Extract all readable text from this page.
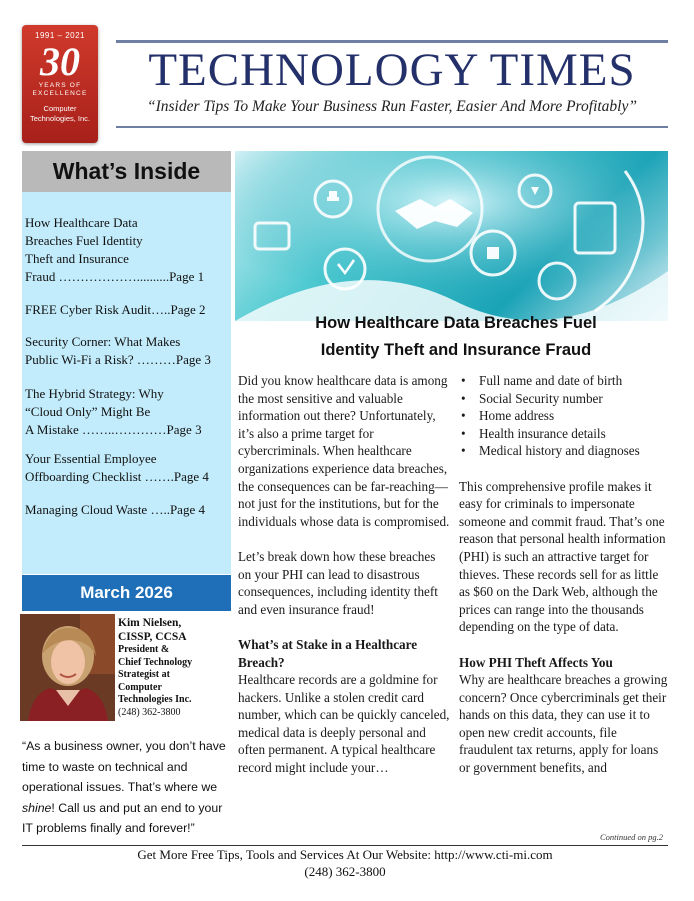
1991 – 2021
30
YEARS OF
EXCELLENCE
Computer
Technologies, Inc.
TECHNOLOGY TIMES
“Insider Tips To Make Your Business Run Faster, Easier And More Profitably”
What’s Inside
How Healthcare Data
Breaches Fuel Identity
Theft and Insurance
Fraud ………………..........Page 1
FREE Cyber Risk Audit…..Page 2
Security Corner: What Makes
Public Wi-Fi a Risk? ………Page 3
The Hybrid Strategy: Why
“Cloud Only” Might Be
A Mistake ……..…………Page 3
Your Essential Employee
Offboarding Checklist …….Page 4
Managing Cloud Waste …..Page 4
March 2026
Kim Nielsen,
CISSP, CCSA
President &
Chief Technology
Strategist at
Computer
Technologies Inc.
(248) 362-3800
“As a business owner, you don’t have time to waste on technical and operational issues. That’s where we shine! Call us and put an end to your IT problems finally and forever!”
How Healthcare Data Breaches Fuel
Identity Theft and Insurance Fraud

Did you know healthcare data is among the most sensitive and valuable information out there? Unfortunately, it’s also a prime target for cybercriminals. When healthcare organizations experience data breaches, the consequences can be far-reaching—not just for the institutions, but for the individuals whose data is compromised.

Let’s break down how these breaches on your PHI can lead to disastrous consequences, including identity theft and even insurance fraud!

What’s at Stake in a Healthcare Breach?

Healthcare records are a goldmine for hackers. Unlike a stolen credit card number, which can be quickly canceled, medical data is deeply personal and often permanent. A typical healthcare record might include your…

• Full name and date of birth
• Social Security number
• Home address
• Health insurance details
• Medical history and diagnoses

This comprehensive profile makes it easy for criminals to impersonate someone and commit fraud. That’s one reason that personal health information (PHI) is such an attractive target for thieves. These records sell for as little as $60 on the Dark Web, although the prices can range into the thousands depending on the type of data.

How PHI Theft Affects You

Why are healthcare breaches a growing concern? Once cybercriminals get their hands on this data, they can use it to open new credit accounts, file fraudulent tax returns, apply for loans or government benefits, and

Continued on pg.2
Get More Free Tips, Tools and Services At Our Website: http://www.cti-mi.com
(248) 362-3800
